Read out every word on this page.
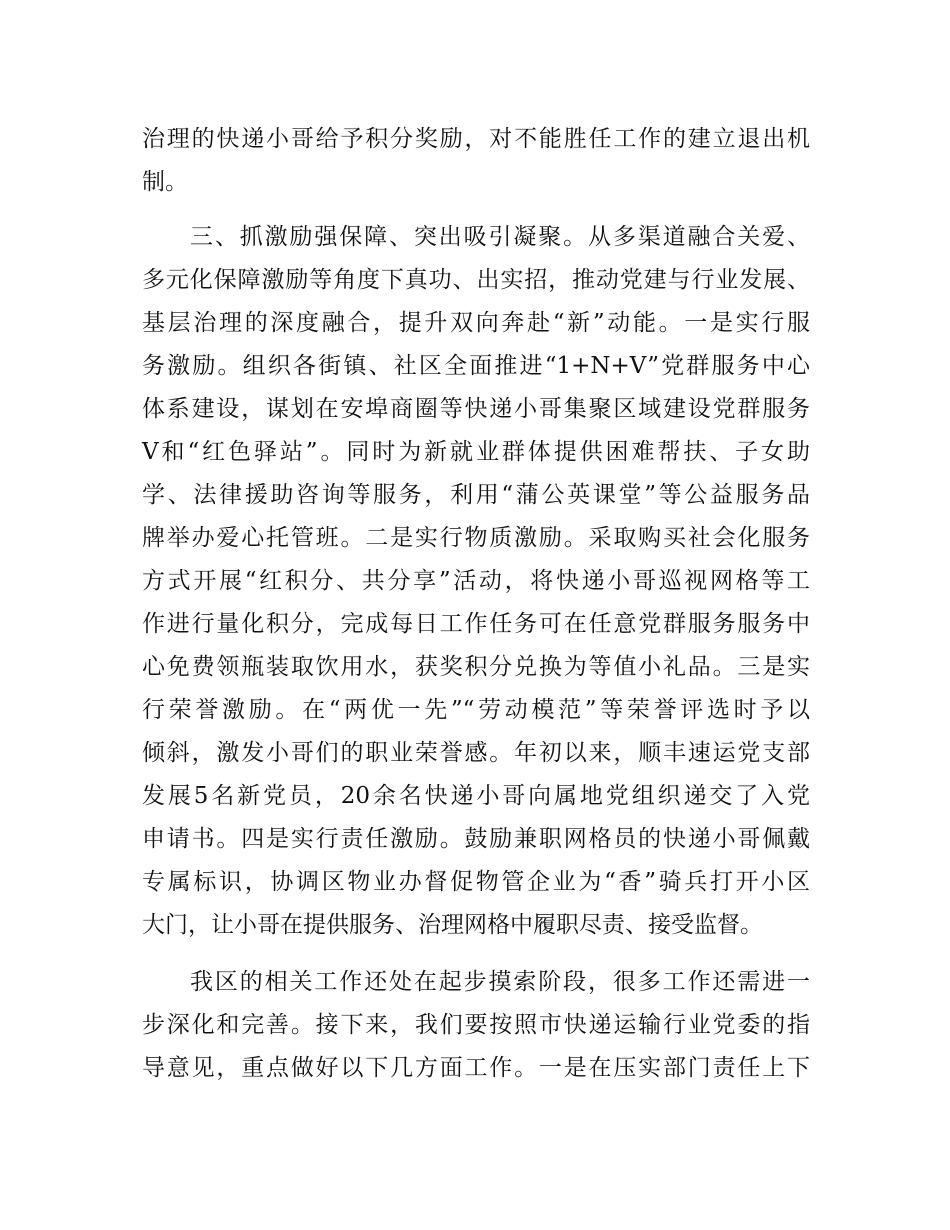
治理的快递小哥给予积分奖励，对不能胜任工作的建立退出机
制。
三、抓激励强保障、突出吸引凝聚。从多渠道融合关爱、
多元化保障激励等角度下真功、出实招，推动党建与行业发展、
基层治理的深度融合，提升双向奔赴“新”动能。一是实行服
务激励。组织各街镇、社区全面推进“1+N+V”党群服务中心
体系建设，谋划在安埠商圈等快递小哥集聚区域建设党群服务
V和“红色驿站”。同时为新就业群体提供困难帮扶、子女助
学、法律援助咨询等服务，利用“蒲公英课堂”等公益服务品
牌举办爱心托管班。二是实行物质激励。采取购买社会化服务
方式开展“红积分、共分享”活动，将快递小哥巡视网格等工
作进行量化积分，完成每日工作任务可在任意党群服务服务中
心免费领瓶装取饮用水，获奖积分兑换为等值小礼品。三是实
行荣誉激励。在“两优一先”“劳动模范”等荣誉评选时予以
倾斜，激发小哥们的职业荣誉感。年初以来，顺丰速运党支部
发展5名新党员，20余名快递小哥向属地党组织递交了入党
申请书。四是实行责任激励。鼓励兼职网格员的快递小哥佩戴
专属标识，协调区物业办督促物管企业为“香”骑兵打开小区
大门，让小哥在提供服务、治理网格中履职尽责、接受监督。
我区的相关工作还处在起步摸索阶段，很多工作还需进一
步深化和完善。接下来，我们要按照市快递运输行业党委的指
导意见，重点做好以下几方面工作。一是在压实部门责任上下
